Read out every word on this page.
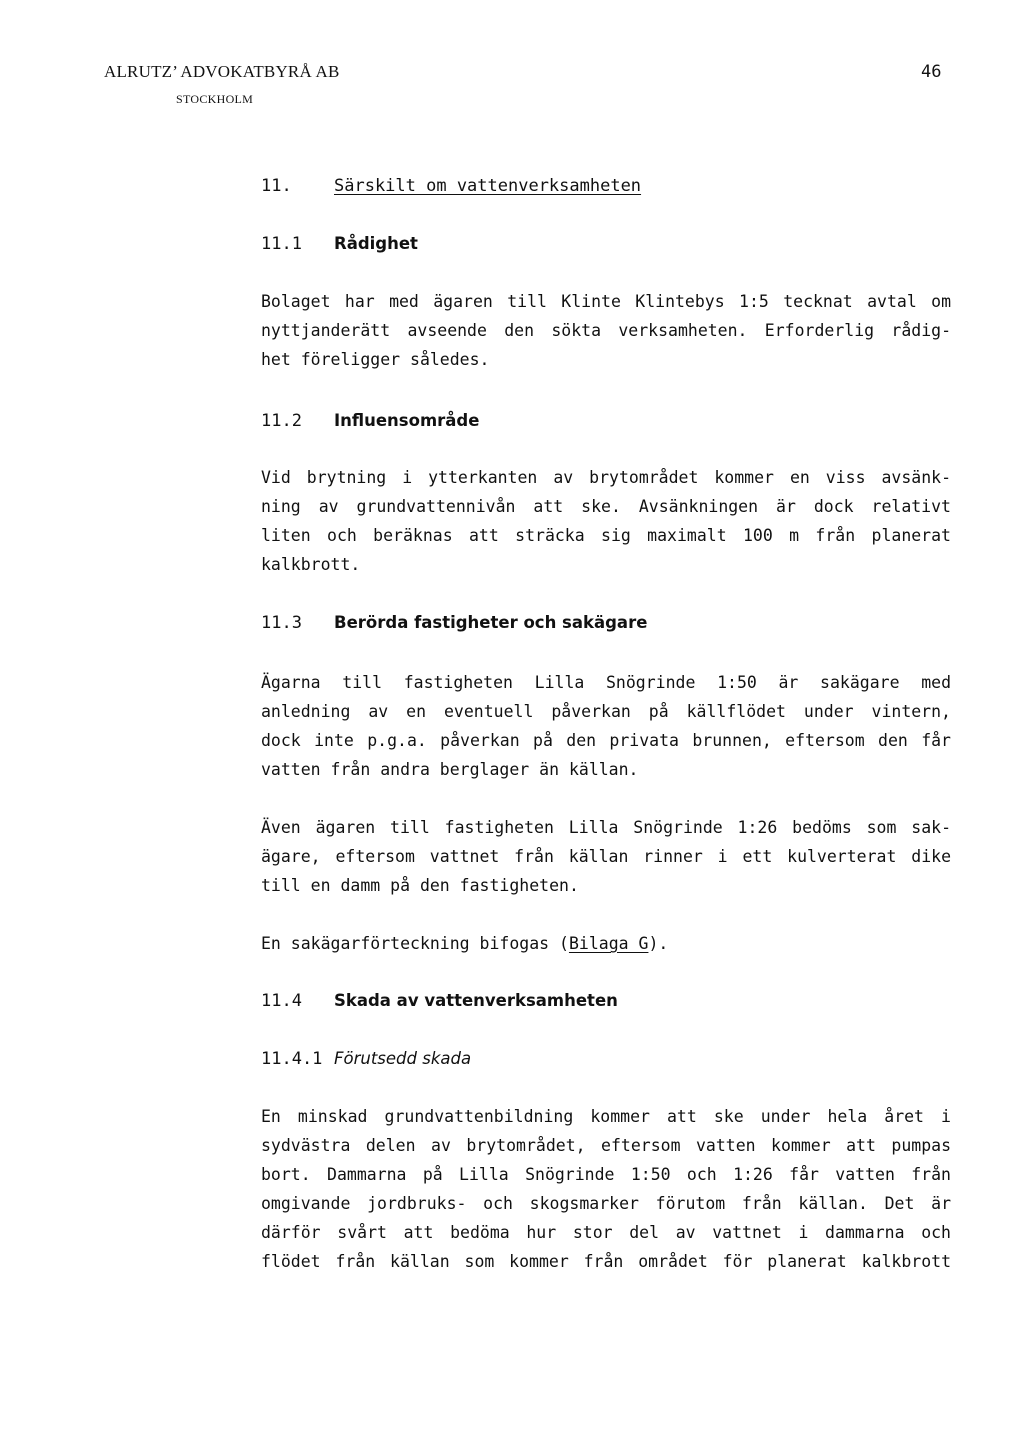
ALRUTZ’ ADVOKATBYRÅ AB
STOCKHOLM
46
11. Särskilt om vattenverksamheten
11.1 Rådighet
Bolaget har med ägaren till Klinte Klintebys 1:5 tecknat avtal om
nyttjanderätt avseende den sökta verksamheten. Erforderlig rådig-
het föreligger således.
11.2 Influensområde
Vid brytning i ytterkanten av brytområdet kommer en viss avsänk-
ning av grundvattennivån att ske. Avsänkningen är dock relativt
liten och beräknas att sträcka sig maximalt 100 m från planerat
kalkbrott.
11.3 Berörda fastigheter och sakägare
Ägarna till fastigheten Lilla Snögrinde 1:50 är sakägare med
anledning av en eventuell påverkan på källflödet under vintern,
dock inte p.g.a. påverkan på den privata brunnen, eftersom den får
vatten från andra berglager än källan.
Även ägaren till fastigheten Lilla Snögrinde 1:26 bedöms som sak-
ägare, eftersom vattnet från källan rinner i ett kulverterat dike
till en damm på den fastigheten.
En sakägarförteckning bifogas (Bilaga G).
11.4 Skada av vattenverksamheten
11.4.1 Förutsedd skada
En minskad grundvattenbildning kommer att ske under hela året i
sydvästra delen av brytområdet, eftersom vatten kommer att pumpas
bort. Dammarna på Lilla Snögrinde 1:50 och 1:26 får vatten från
omgivande jordbruks- och skogsmarker förutom från källan. Det är
därför svårt att bedöma hur stor del av vattnet i dammarna och
flödet från källan som kommer från området för planerat kalkbrott
